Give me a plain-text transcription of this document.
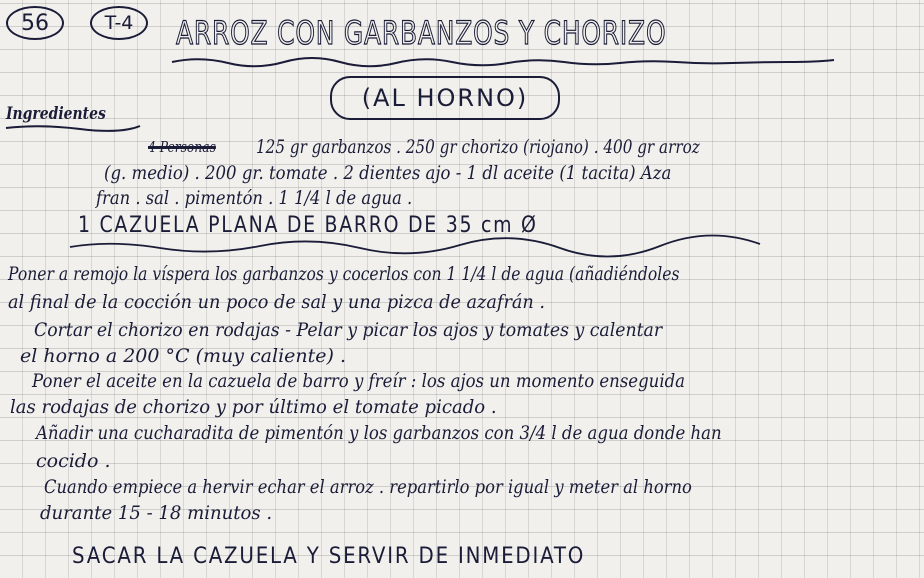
56	T-4 ARROZ CON GARBANZOS Y CHORIZO
(AL HORNO)
Ingredientes
4 Personas 125 gr garbanzos . 250 gr chorizo (riojano) . 400 gr arroz
(g. medio) . 200 gr. tomate . 2 dientes ajo - 1 dl aceite (1 tacita) Aza
fran . sal . pimentón . 1 1/4 l de agua .
1 CAZUELA PLANA DE BARRO DE 35 cm Ø
Poner a remojo la víspera los garbanzos y cocerlos con 1 1/4 l de agua (añadiéndoles
al final de la cocción un poco de sal y una pizca de azafrán .
Cortar el chorizo en rodajas - Pelar y picar los ajos y tomates y calentar
el horno a 200 °C (muy caliente) .
Poner el aceite en la cazuela de barro y freír : los ajos un momento enseguida
las rodajas de chorizo y por último el tomate picado .
Añadir una cucharadita de pimentón y los garbanzos con 3/4 l de agua donde han
cocido .
Cuando empiece a hervir echar el arroz . repartirlo por igual y meter al horno
durante 15 - 18 minutos .
SACAR LA CAZUELA Y SERVIR DE INMEDIATO
